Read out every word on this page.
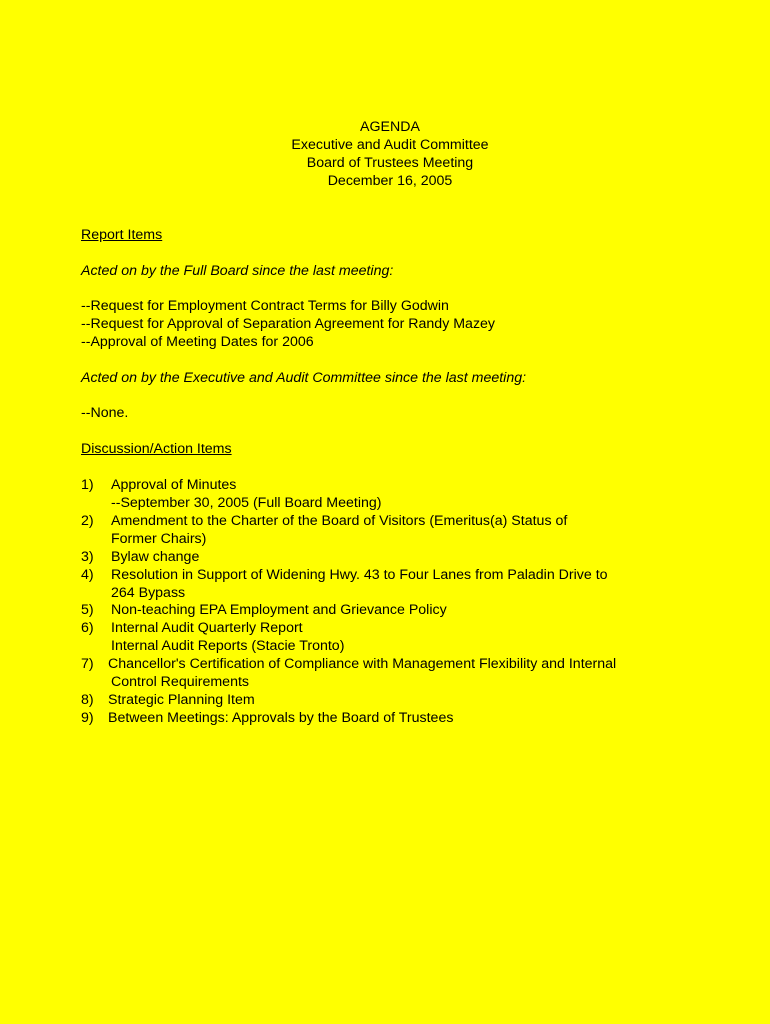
AGENDA
Executive and Audit Committee
Board of Trustees Meeting
December 16, 2005
Report Items
Acted on by the Full Board since the last meeting:
--Request for Employment Contract Terms for Billy Godwin
--Request for Approval of Separation Agreement for Randy Mazey
--Approval of Meeting Dates for 2006
Acted on by the Executive and Audit Committee since the last meeting:
--None.
Discussion/Action Items
1) Approval of Minutes
--September 30, 2005 (Full Board Meeting)
2) Amendment to the Charter of the Board of Visitors (Emeritus(a) Status of
Former Chairs)
3) Bylaw change
4) Resolution in Support of Widening Hwy. 43 to Four Lanes from Paladin Drive to
264 Bypass
5) Non-teaching EPA Employment and Grievance Policy
6) Internal Audit Quarterly Report
Internal Audit Reports (Stacie Tronto)
7) Chancellor's Certification of Compliance with Management Flexibility and Internal
Control Requirements
8) Strategic Planning Item
9) Between Meetings: Approvals by the Board of Trustees
